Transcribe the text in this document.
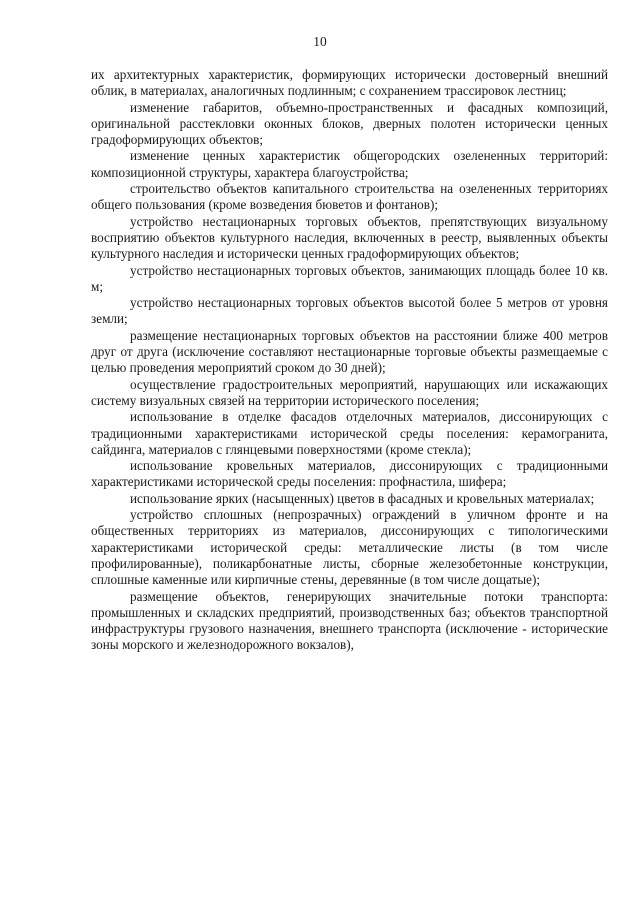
10

их архитектурных характеристик, формирующих исторически достоверный внешний облик, в материалах, аналогичных подлинным; с сохранением трассировок лестниц;

изменение габаритов, объемно-пространственных и фасадных композиций, оригинальной расстекловки оконных блоков, дверных полотен исторически ценных градоформирующих объектов;

изменение ценных характеристик общегородских озелененных территорий: композиционной структуры, характера благоустройства;

строительство объектов капитального строительства на озелененных территориях общего пользования (кроме возведения бюветов и фонтанов);

устройство нестационарных торговых объектов, препятствующих визуальному восприятию объектов культурного наследия, включенных в реестр, выявленных объекты культурного наследия и исторически ценных градоформирующих объектов;

устройство нестационарных торговых объектов, занимающих площадь более 10 кв. м;

устройство нестационарных торговых объектов высотой более 5 метров от уровня земли;

размещение нестационарных торговых объектов на расстоянии ближе 400 метров друг от друга (исключение составляют нестационарные торговые объекты размещаемые с целью проведения мероприятий сроком до 30 дней);

осуществление градостроительных мероприятий, нарушающих или искажающих систему визуальных связей на территории исторического поселения;

использование в отделке фасадов отделочных материалов, диссонирующих с традиционными характеристиками исторической среды поселения: керамогранита, сайдинга, материалов с глянцевыми поверхностями (кроме стекла);

использование кровельных материалов, диссонирующих с традиционными характеристиками исторической среды поселения: профнастила, шифера;

использование ярких (насыщенных) цветов в фасадных и кровельных материалах;

устройство сплошных (непрозрачных) ограждений в уличном фронте и на общественных территориях из материалов, диссонирующих с типологическими характеристиками исторической среды: металлические листы (в том числе профилированные), поликарбонатные листы, сборные железобетонные конструкции, сплошные каменные или кирпичные стены, деревянные (в том числе дощатые);

размещение объектов, генерирующих значительные потоки транспорта: промышленных и складских предприятий, производственных баз; объектов транспортной инфраструктуры грузового назначения, внешнего транспорта (исключение - исторические зоны морского и железнодорожного вокзалов),
